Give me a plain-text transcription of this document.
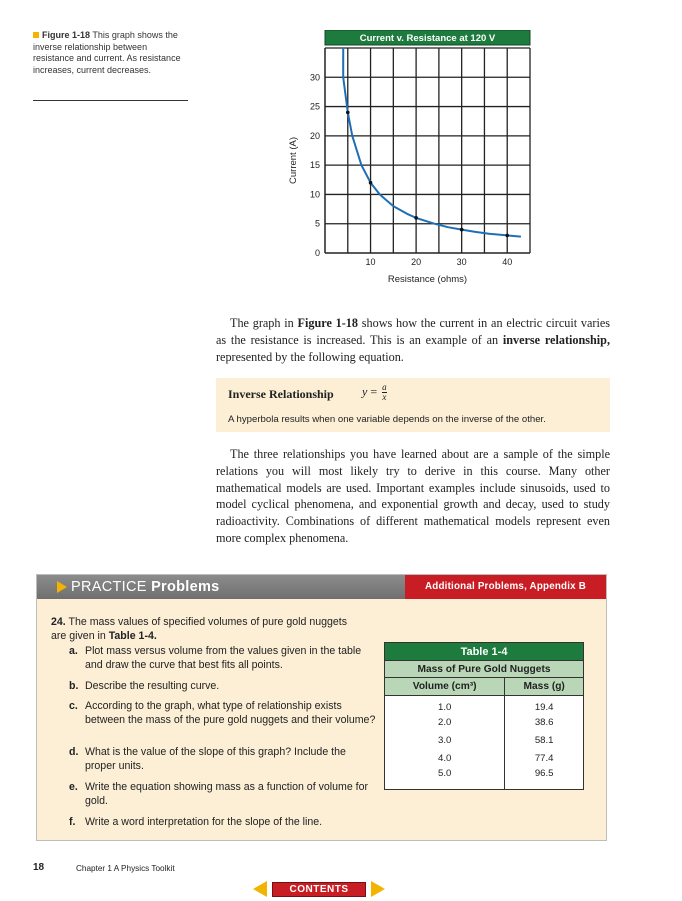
Figure 1-18 This graph shows the inverse relationship between resistance and current. As resistance increases, current decreases.
Current v. Resistance at 120 V
10	20	30	40
0
5
10
15
20
25
30
Resistance (ohms)
Current (A)
The graph in Figure 1-18 shows how the current in an electric circuit varies as the resistance is increased. This is an example of an inverse relationship, represented by the following equation.
Inverse Relationship $y = \frac{a}{x}$
A hyperbola results when one variable depends on the inverse of the other.
The three relationships you have learned about are a sample of the simple relations you will most likely try to derive in this course. Many other mathematical models are used. Important examples include sinusoids, used to model cyclical phenomena, and exponential growth and decay, used to study radioactivity. Combinations of different mathematical models represent even more complex phenomena.
PRACTICE Problems	Additional Problems, Appendix B
24. The mass values of specified volumes of pure gold nuggets are given in Table 1-4.
a. Plot mass versus volume from the values given in the table and draw the curve that best fits all points.
b. Describe the resulting curve.
c. According to the graph, what type of relationship exists between the mass of the pure gold nuggets and their volume?
d. What is the value of the slope of this graph? Include the proper units.
e. Write the equation showing mass as a function of volume for gold.
f. Write a word interpretation for the slope of the line.
Table 1-4	
Mass of Pure Gold Nuggets	
Volume (cm³)	Mass (g)
1.0	19.4
2.0	38.6
3.0	58.1
4.0	77.4
5.0	96.5
18	Chapter 1 A Physics Toolkit
CONTENTS
